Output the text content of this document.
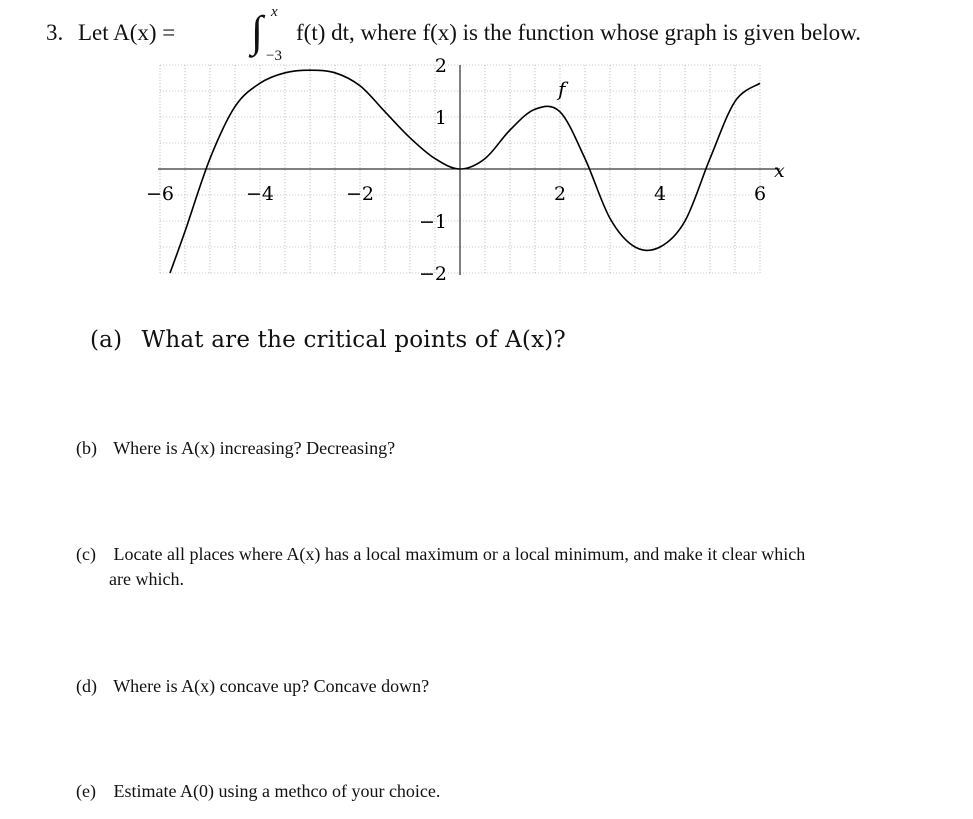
3. Let A(x) = ∫ x
−3
f(t) dt, where f(x) is the function whose graph is given below.
−6	−4	−2	2	4	6
2
1
−1
−2
f
x
(a) What are the critical points of A(x)?
(b) Where is A(x) increasing? Decreasing?
(c) Locate all places where A(x) has a local maximum or a local minimum, and make it clear which
are which.
(d) Where is A(x) concave up? Concave down?
(e) Estimate A(0) using a methco of your choice.
